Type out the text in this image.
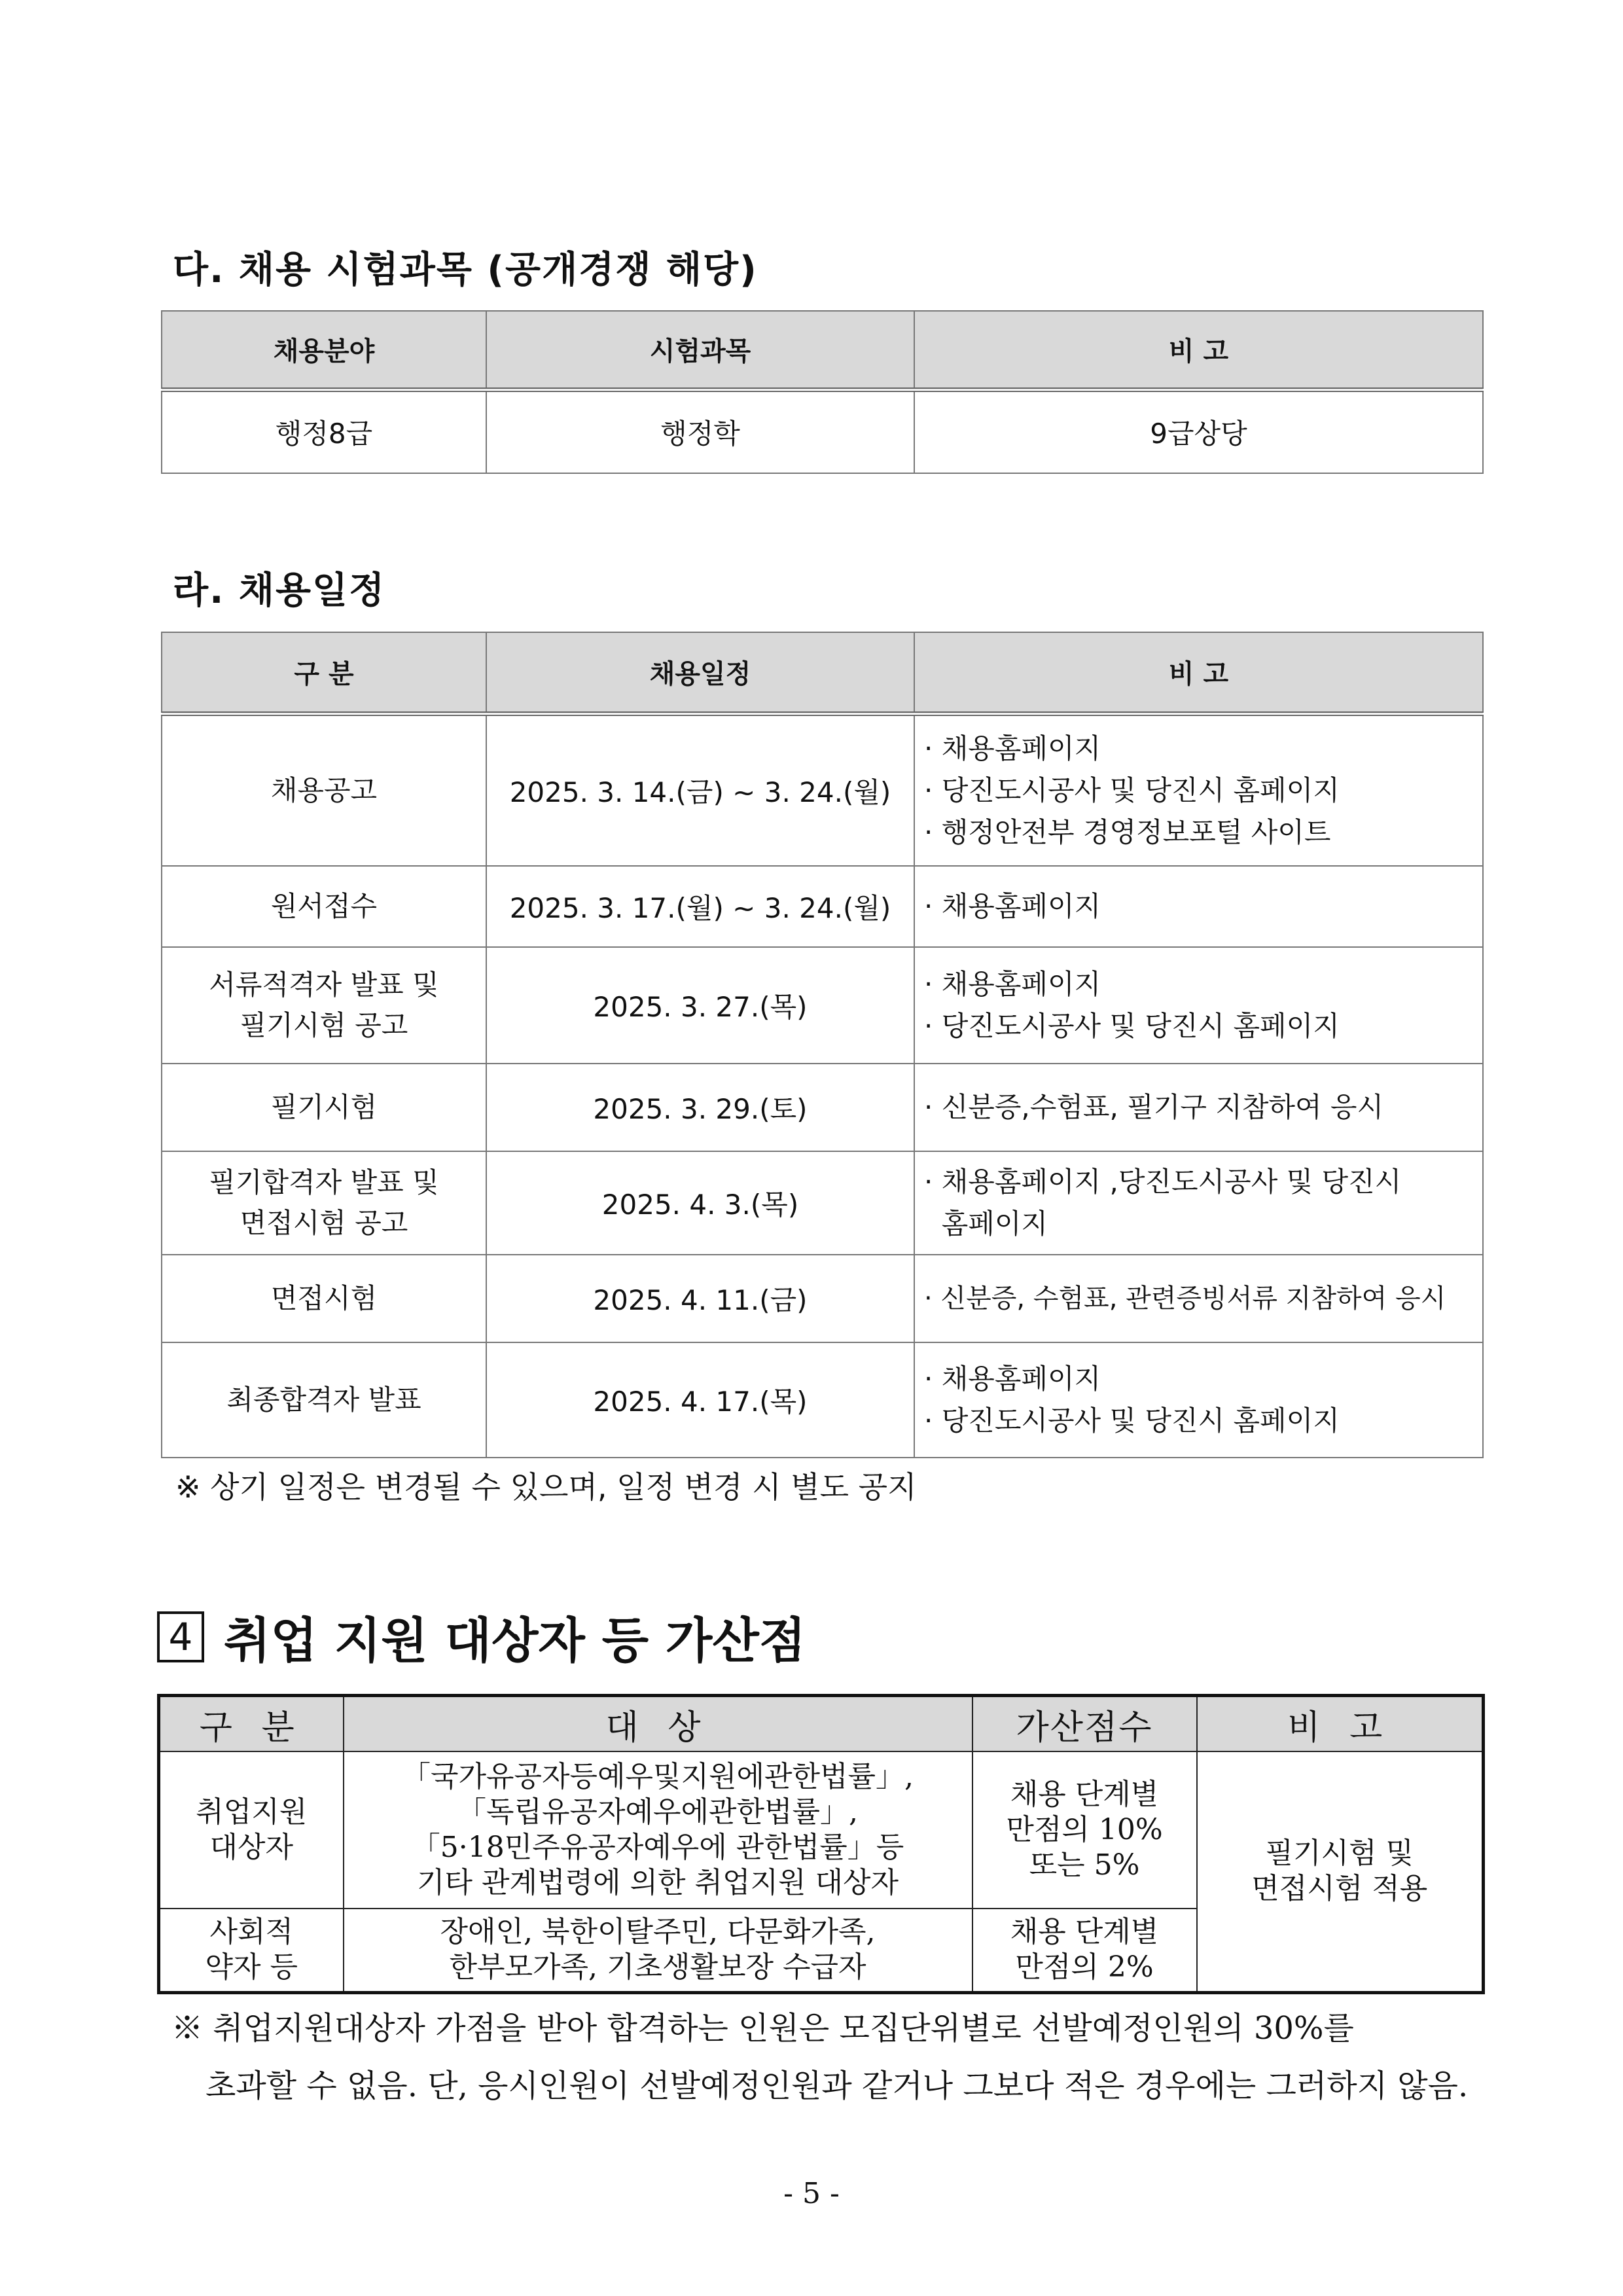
다. 채용 시험과목 (공개경쟁 해당)
채용분야	시험과목	비 고
행정8급	행정학	9급상당
라. 채용일정
구 분	채용일정	비 고
채용공고	2025. 3. 14.(금) ~ 3. 24.(월)	· 채용홈페이지
· 당진도시공사 및 당진시 홈페이지
· 행정안전부 경영정보포털 사이트

원서접수	2025. 3. 17.(월) ~ 3. 24.(월)	· 채용홈페이지

서류적격자 발표 및
필기시험 공고	2025. 3. 27.(목)	· 채용홈페이지
· 당진도시공사 및 당진시 홈페이지

필기시험	2025. 3. 29.(토)	· 신분증,수험표, 필기구 지참하여 응시

필기합격자 발표 및
면접시험 공고	2025. 4. 3.(목)	· 채용홈페이지 ,당진도시공사 및 당진시
홈페이지

면접시험	2025. 4. 11.(금)	· 신분증, 수험표, 관련증빙서류 지참하여 응시

최종합격자 발표	2025. 4. 17.(목)	· 채용홈페이지
· 당진도시공사 및 당진시 홈페이지
※ 상기 일정은 변경될 수 있으며, 일정 변경 시 별도 공지
4 취업 지원 대상자 등 가산점
구 분	대 상	가산점수	비 고

취업지원
대상자	「국가유공자등예우및지원에관한법률」,
「독립유공자예우에관한법률」,
「5·18민주유공자예우에 관한법률」등
기타 관계법령에 의한 취업지원 대상자	채용 단계별
만점의 10%
또는 5%	필기시험 및
면접시험 적용

사회적
약자 등	장애인, 북한이탈주민, 다문화가족,
한부모가족, 기초생활보장 수급자	채용 단계별
만점의 2%	
※ 취업지원대상자 가점을 받아 합격하는 인원은 모집단위별로 선발예정인원의 30%를
초과할 수 없음. 단, 응시인원이 선발예정인원과 같거나 그보다 적은 경우에는 그러하지 않음.
- 5 -
